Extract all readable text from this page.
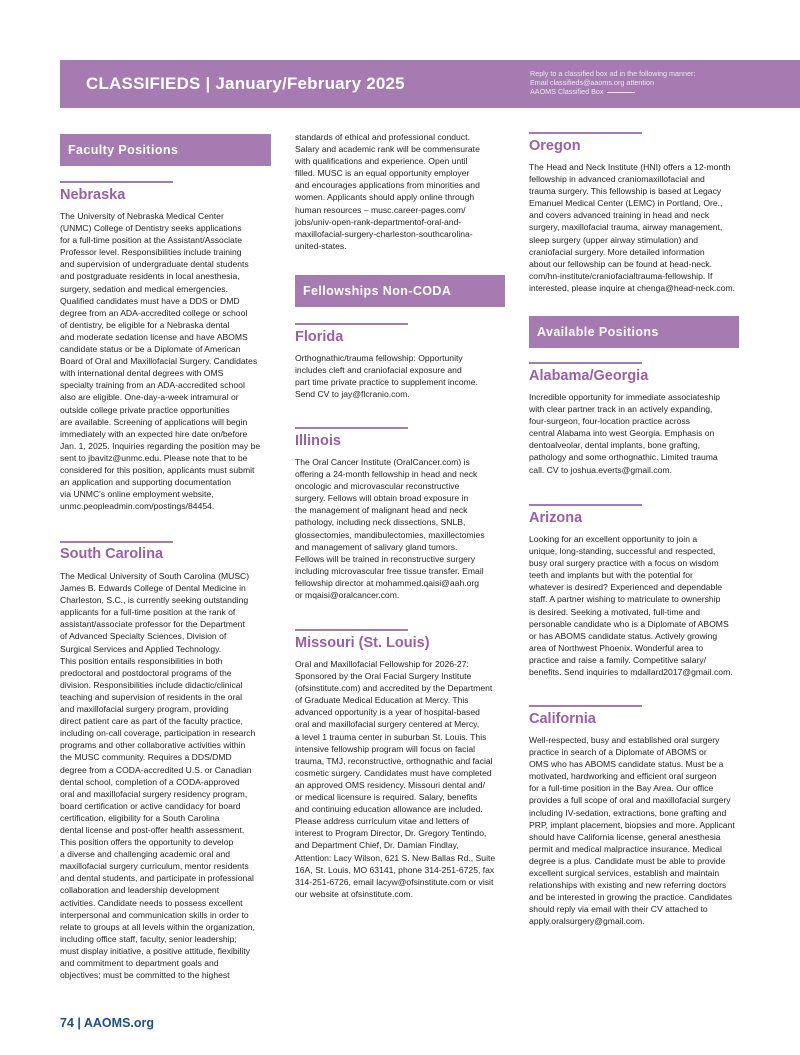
CLASSIFIEDS | January/February 2025
Reply to a classified box ad in the following manner:
Email classifieds@aaoms.org attention
AAOMS Classified Box
Faculty Positions
Nebraska
The University of Nebraska Medical Center
(UNMC) College of Dentistry seeks applications
for a full-time position at the Assistant/Associate
Professor level. Responsibilities include training
and supervision of undergraduate dental students
and postgraduate residents in local anesthesia,
surgery, sedation and medical emergencies.
Qualified candidates must have a DDS or DMD
degree from an ADA-accredited college or school
of dentistry, be eligible for a Nebraska dental
and moderate sedation license and have ABOMS
candidate status or be a Diplomate of American
Board of Oral and Maxillofacial Surgery. Candidates
with international dental degrees with OMS
specialty training from an ADA-accredited school
also are eligible. One-day-a-week intramural or
outside college private practice opportunities
are available. Screening of applications will begin
immediately with an expected hire date on/before
Jan. 1, 2025. Inquiries regarding the position may be
sent to jbavitz@unmc.edu. Please note that to be
considered for this position, applicants must submit
an application and supporting documentation
via UNMC's online employment website,
unmc.peopleadmin.com/postings/84454.
South Carolina
The Medical University of South Carolina (MUSC)
James B. Edwards College of Dental Medicine in
Charleston, S.C., is currently seeking outstanding
applicants for a full-time position at the rank of
assistant/associate professor for the Department
of Advanced Specialty Sciences, Division of
Surgical Services and Applied Technology.
This position entails responsibilities in both
predoctoral and postdoctoral programs of the
division. Responsibilities include didactic/clinical
teaching and supervision of residents in the oral
and maxillofacial surgery program, providing
direct patient care as part of the faculty practice,
including on-call coverage, participation in research
programs and other collaborative activities within
the MUSC community. Requires a DDS/DMD
degree from a CODA-accredited U.S. or Canadian
dental school, completion of a CODA-approved
oral and maxillofacial surgery residency program,
board certification or active candidacy for board
certification, eligibility for a South Carolina
dental license and post-offer health assessment.
This position offers the opportunity to develop
a diverse and challenging academic oral and
maxillofacial surgery curriculum, mentor residents
and dental students, and participate in professional
collaboration and leadership development
activities. Candidate needs to possess excellent
interpersonal and communication skills in order to
relate to groups at all levels within the organization,
including office staff, faculty, senior leadership;
must display initiative, a positive attitude, flexibility
and commitment to department goals and
objectives; must be committed to the highest
standards of ethical and professional conduct.
Salary and academic rank will be commensurate
with qualifications and experience. Open until
filled. MUSC is an equal opportunity employer
and encourages applications from minorities and
women. Applicants should apply online through
human resources – musc.career-pages.com/
jobs/univ-open-rank-departmentof-oral-and-
maxillofacial-surgery-charleston-southcarolina-
united-states.
Fellowships Non-CODA
Florida
Orthognathic/trauma fellowship: Opportunity
includes cleft and craniofacial exposure and
part time private practice to supplement income.
Send CV to jay@flcranio.com.
Illinois
The Oral Cancer Institute (OralCancer.com) is
offering a 24-month fellowship in head and neck
oncologic and microvascular reconstructive
surgery. Fellows will obtain broad exposure in
the management of malignant head and neck
pathology, including neck dissections, SNLB,
glossectomies, mandibulectomies, maxillectomies
and management of salivary gland tumors.
Fellows will be trained in reconstructive surgery
including microvascular free tissue transfer. Email
fellowship director at mohammed.qaisi@aah.org
or mqaisi@oralcancer.com.
Missouri (St. Louis)
Oral and Maxillofacial Fellowship for 2026-27:
Sponsored by the Oral Facial Surgery Institute
(ofsinstitute.com) and accredited by the Department
of Graduate Medical Education at Mercy. This
advanced opportunity is a year of hospital-based
oral and maxillofacial surgery centered at Mercy,
a level 1 trauma center in suburban St. Louis. This
intensive fellowship program will focus on facial
trauma, TMJ, reconstructive, orthognathic and facial
cosmetic surgery. Candidates must have completed
an approved OMS residency. Missouri dental and/
or medical licensure is required. Salary, benefits
and continuing education allowance are included.
Please address curriculum vitae and letters of
interest to Program Director, Dr. Gregory Tentindo,
and Department Chief, Dr. Damian Findlay,
Attention: Lacy Wilson, 621 S. New Ballas Rd., Suite
16A, St. Louis, MO 63141, phone 314-251-6725, fax
314-251-6726, email lacyw@ofsinstitute.com or visit
our website at ofsinstitute.com.
Oregon
The Head and Neck Institute (HNI) offers a 12-month
fellowship in advanced craniomaxillofacial and
trauma surgery. This fellowship is based at Legacy
Emanuel Medical Center (LEMC) in Portland, Ore.,
and covers advanced training in head and neck
surgery, maxillofacial trauma, airway management,
sleep surgery (upper airway stimulation) and
craniofacial surgery. More detailed information
about our fellowship can be found at head-neck.
com/hn-institute/craniofacialtrauma-fellowship. If
interested, please inquire at chenga@head-neck.com.
Available Positions
Alabama/Georgia
Incredible opportunity for immediate associateship
with clear partner track in an actively expanding,
four-surgeon, four-location practice across
central Alabama into west Georgia. Emphasis on
dentoalveolar, dental implants, bone grafting,
pathology and some orthognathic. Limited trauma
call. CV to joshua.everts@gmail.com.
Arizona
Looking for an excellent opportunity to join a
unique, long-standing, successful and respected,
busy oral surgery practice with a focus on wisdom
teeth and implants but with the potential for
whatever is desired? Experienced and dependable
staff. A partner wishing to matriculate to ownership
is desired. Seeking a motivated, full-time and
personable candidate who is a Diplomate of ABOMS
or has ABOMS candidate status. Actively growing
area of Northwest Phoenix. Wonderful area to
practice and raise a family. Competitive salary/
benefits. Send inquiries to mdallard2017@gmail.com.
California
Well-respected, busy and established oral surgery
practice in search of a Diplomate of ABOMS or
OMS who has ABOMS candidate status. Must be a
motivated, hardworking and efficient oral surgeon
for a full-time position in the Bay Area. Our office
provides a full scope of oral and maxillofacial surgery
including IV-sedation, extractions, bone grafting and
PRP, implant placement, biopsies and more. Applicant
should have California license, general anesthesia
permit and medical malpractice insurance. Medical
degree is a plus. Candidate must be able to provide
excellent surgical services, establish and maintain
relationships with existing and new referring doctors
and be interested in growing the practice. Candidates
should reply via email with their CV attached to
apply.oralsurgery@gmail.com.
74 | AAOMS.org
